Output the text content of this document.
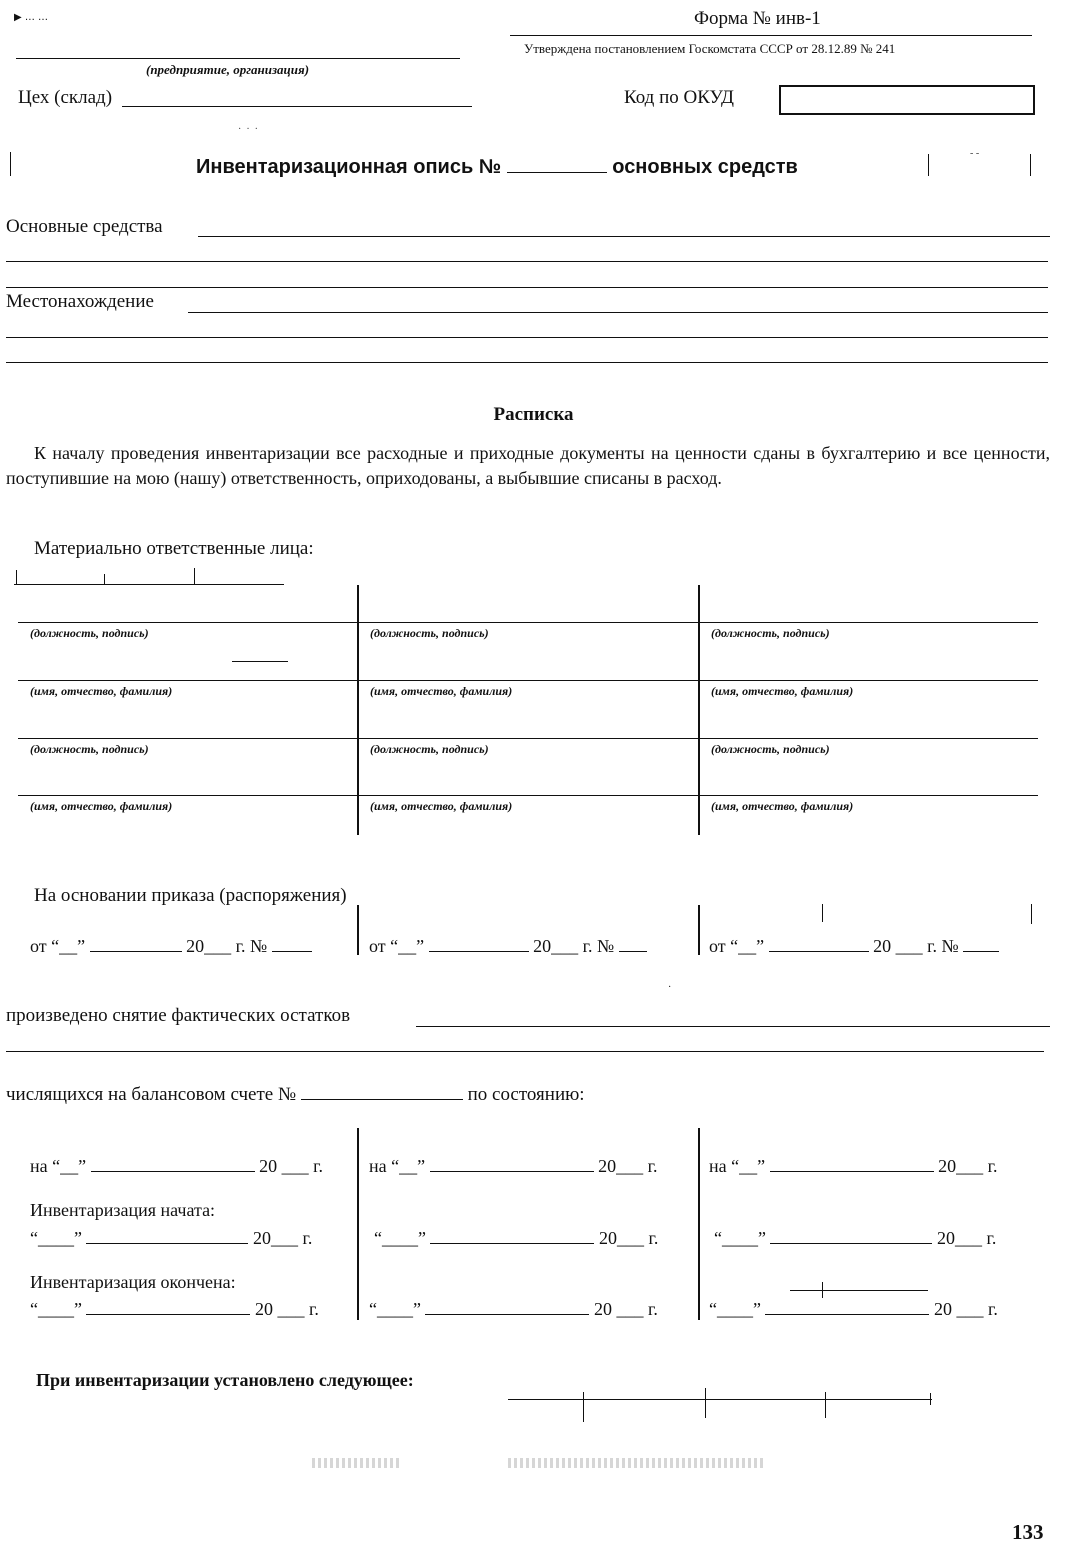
▶ … …	Форма № инв-1
Утверждена постановлением Госкомстата СССР от 28.12.89 № 241
(предприятие, организация)
Цех (склад)	Код по ОКУД
·  ·  ·
Инвентаризационная опись №	основных средств
- -
Основные средства
Местонахождение
Расписка
К началу проведения инвентаризации все расходные и приходные документы на ценности сданы в бухгалтерию и все ценности, поступившие на мою (нашу) ответственность, оприходованы, а выбывшие списаны в расход.
Материально ответственные лица:
(должность, подпись)	(должность, подпись)	(должность, подпись)
(имя, отчество, фамилия)	(имя, отчество, фамилия)	(имя, отчество, фамилия)
(должность, подпись)	(должность, подпись)	(должность, подпись)
(имя, отчество, фамилия)	(имя, отчество, фамилия)	(имя, отчество, фамилия)
На основании приказа (распоряжения)
от “__”	20___ г. №	от “__”	20___ г. №	от “__”	20 ___ г. №
·
произведено снятие фактических остатков
числящихся на балансовом счете №	по состоянию:
на “__”	20 ___ г.	на “__”	20___ г.	на “__”	20___ г.
Инвентаризация начата:
“____”	20___ г.	“____”	20___ г.	“____”	20___ г.
Инвентаризация окончена:
“____”	20 ___ г.	“____”	20 ___ г.	“____”	20 ___ г.
При инвентаризации установлено следующее:
133
